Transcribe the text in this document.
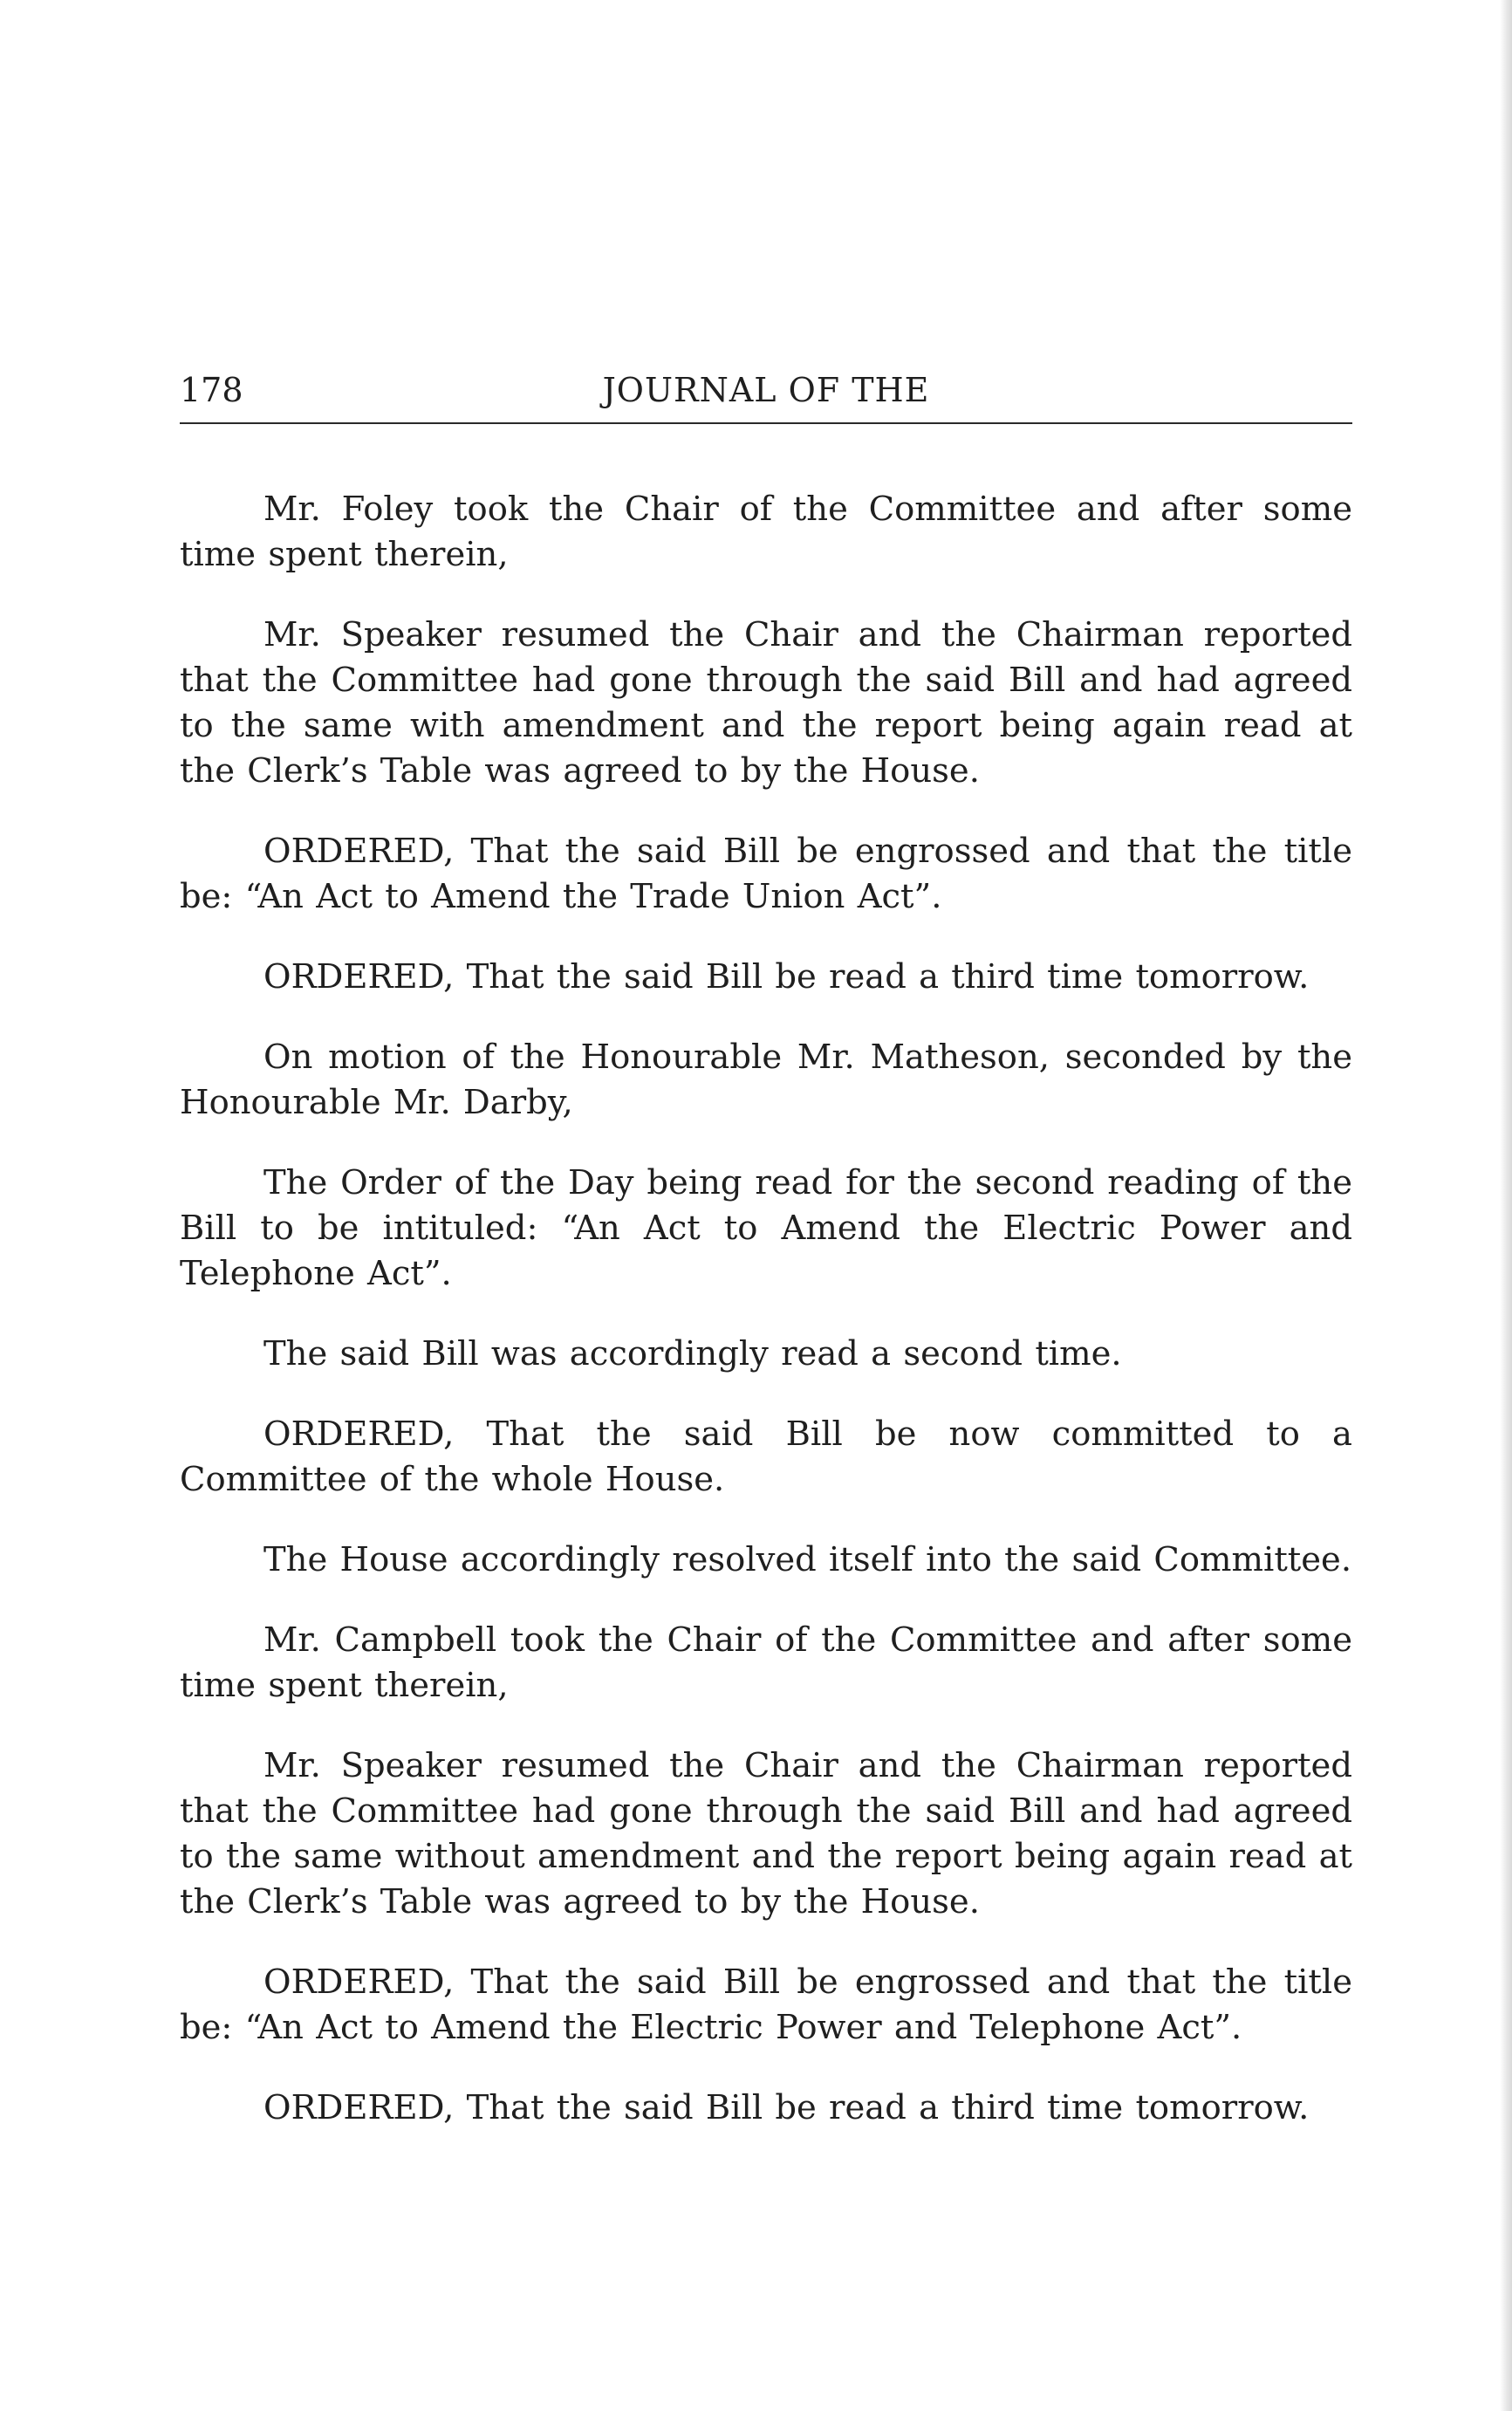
178	JOURNAL OF THE

Mr. Foley took the Chair of the Committee and after some time spent therein,

Mr. Speaker resumed the Chair and the Chairman reported that the Committee had gone through the said Bill and had agreed to the same with amendment and the report being again read at the Clerk’s Table was agreed to by the House.

ORDERED, That the said Bill be engrossed and that the title be: “An Act to Amend the Trade Union Act”.

ORDERED, That the said Bill be read a third time tomorrow.

On motion of the Honourable Mr. Matheson, seconded by the Honourable Mr. Darby,

The Order of the Day being read for the second reading of the Bill to be intituled: “An Act to Amend the Electric Power and Telephone Act”.

The said Bill was accordingly read a second time.

ORDERED, That the said Bill be now committed to a Committee of the whole House.

The House accordingly resolved itself into the said Committee.

Mr. Campbell took the Chair of the Committee and after some time spent therein,

Mr. Speaker resumed the Chair and the Chairman reported that the Committee had gone through the said Bill and had agreed to the same without amendment and the report being again read at the Clerk’s Table was agreed to by the House.

ORDERED, That the said Bill be engrossed and that the title be: “An Act to Amend the Electric Power and Telephone Act”.

ORDERED, That the said Bill be read a third time tomorrow.
